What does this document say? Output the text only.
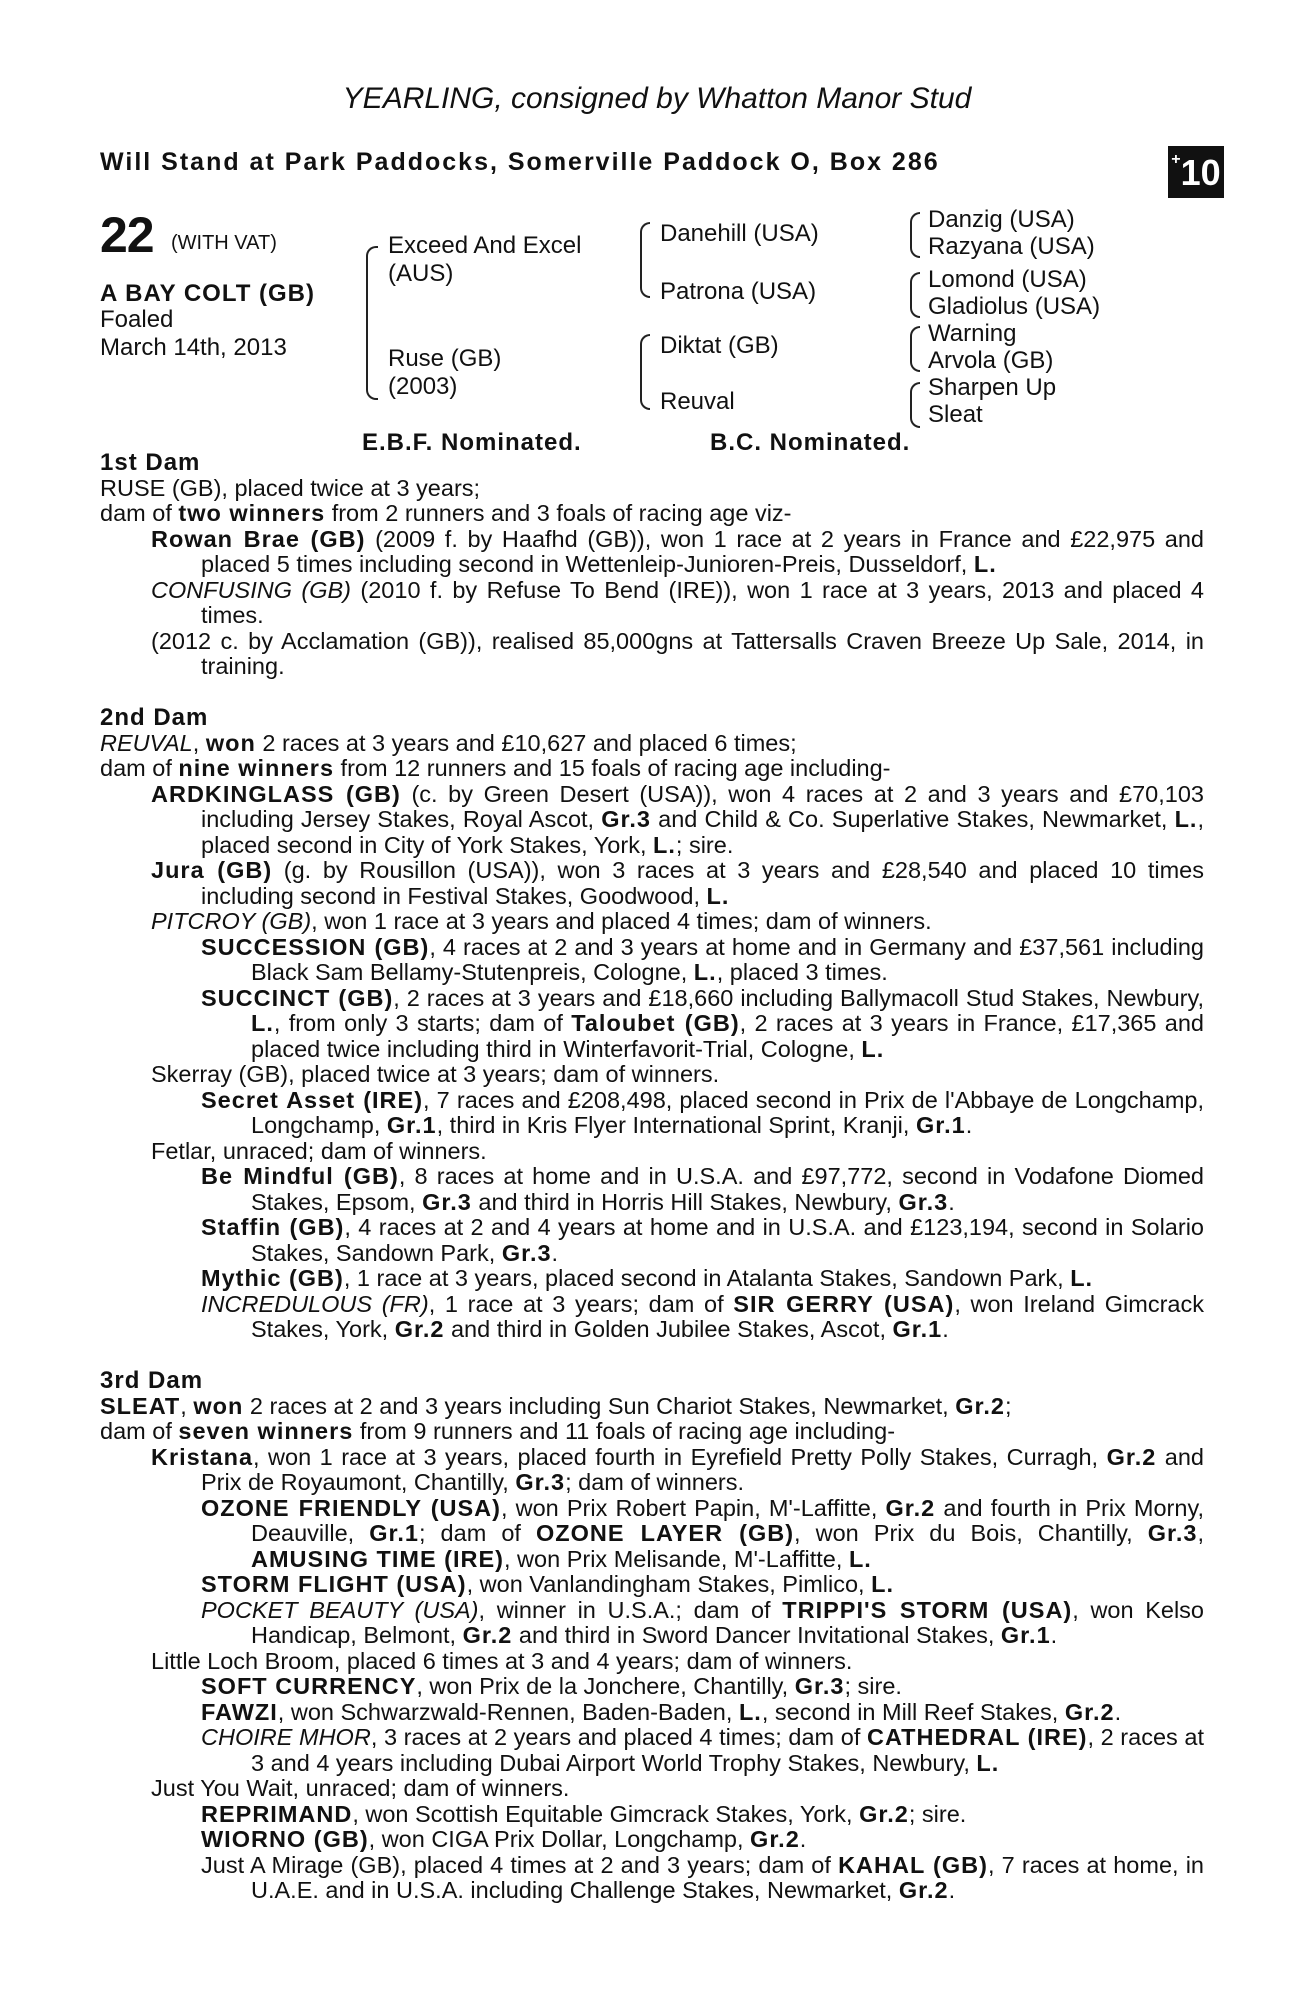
YEARLING, consigned by Whatton Manor Stud
Will Stand at Park Paddocks, Somerville Paddock O, Box 286	+10
22 (WITH VAT)
A BAY COLT (GB)
Foaled
March 14th, 2013
Exceed And Excel
(AUS)
Ruse (GB)
(2003)
Danehill (USA)
Patrona (USA)
Diktat (GB)
Reuval
Danzig (USA)
Razyana (USA)
Lomond (USA)
Gladiolus (USA)
Warning
Arvola (GB)
Sharpen Up
Sleat
E.B.F. Nominated.	B.C. Nominated.

1st Dam

RUSE (GB), placed twice at 3 years;

dam of two winners from 2 runners and 3 foals of racing age viz-

Rowan Brae (GB) (2009 f. by Haafhd (GB)), won 1 race at 2 years in France and £22,975 and placed 5 times including second in Wettenleip-Junioren-Preis, Dusseldorf, L.

CONFUSING (GB) (2010 f. by Refuse To Bend (IRE)), won 1 race at 3 years, 2013 and placed 4 times.

(2012 c. by Acclamation (GB)), realised 85,000gns at Tattersalls Craven Breeze Up Sale, 2014, in training.

2nd Dam

REUVAL, won 2 races at 3 years and £10,627 and placed 6 times;

dam of nine winners from 12 runners and 15 foals of racing age including-

ARDKINGLASS (GB) (c. by Green Desert (USA)), won 4 races at 2 and 3 years and £70,103 including Jersey Stakes, Royal Ascot, Gr.3 and Child & Co. Superlative Stakes, Newmarket, L., placed second in City of York Stakes, York, L.; sire.

Jura (GB) (g. by Rousillon (USA)), won 3 races at 3 years and £28,540 and placed 10 times including second in Festival Stakes, Goodwood, L.

PITCROY (GB), won 1 race at 3 years and placed 4 times; dam of winners.

SUCCESSION (GB), 4 races at 2 and 3 years at home and in Germany and £37,561 including Black Sam Bellamy-Stutenpreis, Cologne, L., placed 3 times.

SUCCINCT (GB), 2 races at 3 years and £18,660 including Ballymacoll Stud Stakes, Newbury, L., from only 3 starts; dam of Taloubet (GB), 2 races at 3 years in France, £17,365 and placed twice including third in Winterfavorit-Trial, Cologne, L.

Skerray (GB), placed twice at 3 years; dam of winners.

Secret Asset (IRE), 7 races and £208,498, placed second in Prix de l'Abbaye de Longchamp, Longchamp, Gr.1, third in Kris Flyer International Sprint, Kranji, Gr.1.

Fetlar, unraced; dam of winners.

Be Mindful (GB), 8 races at home and in U.S.A. and £97,772, second in Vodafone Diomed Stakes, Epsom, Gr.3 and third in Horris Hill Stakes, Newbury, Gr.3.

Staffin (GB), 4 races at 2 and 4 years at home and in U.S.A. and £123,194, second in Solario Stakes, Sandown Park, Gr.3.

Mythic (GB), 1 race at 3 years, placed second in Atalanta Stakes, Sandown Park, L.

INCREDULOUS (FR), 1 race at 3 years; dam of SIR GERRY (USA), won Ireland Gimcrack Stakes, York, Gr.2 and third in Golden Jubilee Stakes, Ascot, Gr.1.

3rd Dam

SLEAT, won 2 races at 2 and 3 years including Sun Chariot Stakes, Newmarket, Gr.2;

dam of seven winners from 9 runners and 11 foals of racing age including-

Kristana, won 1 race at 3 years, placed fourth in Eyrefield Pretty Polly Stakes, Curragh, Gr.2 and Prix de Royaumont, Chantilly, Gr.3; dam of winners.

OZONE FRIENDLY (USA), won Prix Robert Papin, M'-Laffitte, Gr.2 and fourth in Prix Morny, Deauville, Gr.1; dam of OZONE LAYER (GB), won Prix du Bois, Chantilly, Gr.3, AMUSING TIME (IRE), won Prix Melisande, M'-Laffitte, L.

STORM FLIGHT (USA), won Vanlandingham Stakes, Pimlico, L.

POCKET BEAUTY (USA), winner in U.S.A.; dam of TRIPPI'S STORM (USA), won Kelso Handicap, Belmont, Gr.2 and third in Sword Dancer Invitational Stakes, Gr.1.

Little Loch Broom, placed 6 times at 3 and 4 years; dam of winners.

SOFT CURRENCY, won Prix de la Jonchere, Chantilly, Gr.3; sire.

FAWZI, won Schwarzwald-Rennen, Baden-Baden, L., second in Mill Reef Stakes, Gr.2.

CHOIRE MHOR, 3 races at 2 years and placed 4 times; dam of CATHEDRAL (IRE), 2 races at 3 and 4 years including Dubai Airport World Trophy Stakes, Newbury, L.

Just You Wait, unraced; dam of winners.

REPRIMAND, won Scottish Equitable Gimcrack Stakes, York, Gr.2; sire.

WIORNO (GB), won CIGA Prix Dollar, Longchamp, Gr.2.

Just A Mirage (GB), placed 4 times at 2 and 3 years; dam of KAHAL (GB), 7 races at home, in U.A.E. and in U.S.A. including Challenge Stakes, Newmarket, Gr.2.
